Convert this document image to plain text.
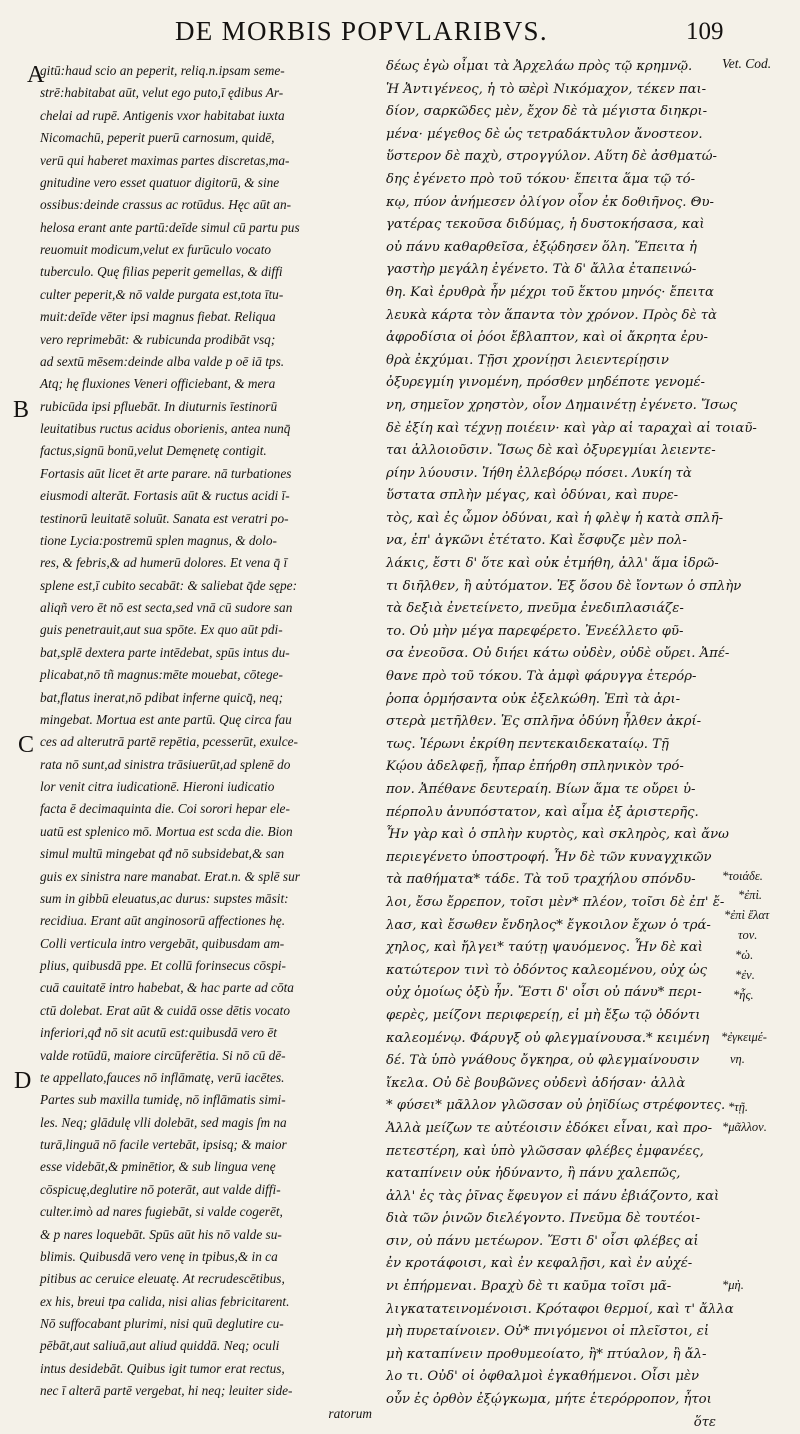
DE MORBIS POPVLARIBVS.	109
A
B
C
D
gitū:haud scio an peperit, reliq.n.ipsam seme-
strē:habitabat aūt, velut ego puto,ī ędibus Ar-
chelai ad rupē. Antigenis vxor habitabat iuxta
Nicomachū, peperit puerū carnosum, quidē,
verū qui haberet maximas partes discretas,ma-
gnitudine vero esset quatuor digitorū, & sine
ossibus:deinde crassus ac rotūdus. Hęc aūt an-
helosa erant ante partū:deīde simul cū partu pus
reuomuit modicum,velut ex furūculo vocato
tuberculo. Quę filias peperit gemellas, & diffi
culter peperit,& nō valde purgata est,tota ītu-
muit:deīde vēter ipsi magnus fiebat. Reliqua
vero reprimebāt: & rubicunda prodibāt vsq;
ad sextū mēsem:deinde alba valde p oē iā tps.
Atq; hę fluxiones Veneri officiebant, & mera
rubicūda ipsi pfluebāt. In diuturnis īestinorū
leuitatibus ructus acidus oborienis, antea nunq̄
factus,signū bonū,velut Demęnetę contigit.
Fortasis aūt licet ēt arte parare. nā turbationes
eiusmodi alterāt. Fortasis aūt & ructus acidi ī-
testinorū leuitatē soluūt. Sanata est veratri po-
tione Lycia:postremū splen magnus, & dolo-
res, & febris,& ad humerū dolores. Et vena q̄ ī
splene est,ī cubito secabāt: & saliebat q̄de sępe:
aliqñ vero ēt nō est secta,sed vnā cū sudore san
guis penetrauit,aut sua spōte. Ex quo aūt pdi-
bat,splē dextera parte intēdebat, spūs intus du-
plicabat,nō tñ magnus:mēte mouebat, cōtege-
bat,flatus inerat,nō pdibat inferne quicq̄, neq;
mingebat. Mortua est ante partū. Quę circa fau
ces ad alterutrā partē repētia, pcesserūt, exulce-
rata nō sunt,ad sinistra trāsiuerūt,ad splenē do
lor venit citra iudicationē. Hieroni iudicatio
facta ē decimaquinta die. Coi sorori hepar ele-
uatū est splenico mō. Mortua est scda die. Bion
simul multū mingebat qđ nō subsidebat,& san
guis ex sinistra nare manabat. Erat.n. & splē sur
sum in gibbū eleuatus,ac durus: supstes māsit:
recidiua. Erant aūt anginosorū affectiones hę.
Colli verticula intro vergebāt, quibusdam am-
plius, quibusdā ppe. Et collū forinsecus cōspi-
cuā cauitatē intro habebat, & hac parte ad cōta
ctū dolebat. Erat aūt & cuidā osse dētis vocato
inferiori,qđ nō sit acutū est:quibusdā vero ēt
valde rotūdū, maiore circūferētia. Si nō cū dē-
te appellato,fauces nō inflāmatę, verū iacētes.
Partes sub maxilla tumidę, nō inflāmatis simi-
les. Neq; glādulę vlli dolebāt, sed magis ſm na
turā,linguā nō facile vertebāt, ipsisq; & maior
esse videbāt,& pminētior, & sub lingua venę
cōspicuę,deglutire nō poterāt, aut valde diffi-
culter.imò ad nares fugiebāt, si valde cogerēt,
& p nares loquebāt. Spūs aūt his nō valde su-
blimis. Quibusdā vero venę in tpibus,& in ca
pitibus ac ceruice eleuatę. At recrudescētibus,
ex his, breui tpa calida, nisi alias febricitarent.
Nō suffocabant plurimi, nisi quū deglutire cu-
pēbāt,aut saliuā,aut aliud quiddā. Neq; oculi
intus desidebāt. Quibus igit tumor erat rectus,
nec ī alterā partē vergebat, hi neq; leuiter side-
ratorum
δέως ἐγὼ οἶμαι τὰ Ἀρχελάω πρὸς τῷ κρημνῷ.
Ἡ Ἀντιγένεος, ἡ τὸ ϖὲρὶ Νικόμαχον, τέκεν παι-
δίον, σαρκῶδες μὲν, ἔχον δὲ τὰ μέγιστα διηκρι-
μένα· μέγεθος δὲ ὡς τετραδάκτυλον ἄνοστεον.
ὕστερον δὲ παχὺ, στρογγύλον. Αὕτη δὲ ἀσθματώ-
δης ἐγένετο πρὸ τοῦ τόκου· ἔπειτα ἅμα τῷ τό-
κῳ, πύον ἀνήμεσεν ὀλίγον οἷον ἐκ δοθιῆνος. Θυ-
γατέρας τεκοῦσα διδύμας, ἡ δυστοκήσασα, καὶ
οὐ πάνυ καθαρθεῖσα, ἐξῴδησεν ὅλη. Ἔπειτα ἡ
γαστὴρ μεγάλη ἐγένετο. Τὰ δ' ἄλλα ἐταπεινώ-
θη. Καὶ ἐρυθρὰ ἦν μέχρι τοῦ ἕκτου μηνός· ἔπειτα
λευκὰ κάρτα τὸν ἅπαντα τὸν χρόνον. Πρὸς δὲ τὰ
ἀφροδίσια οἱ ῥόοι ἔβλαπτον, καὶ οἱ ἄκρητα ἐρυ-
θρὰ ἐκχύμαι. Τῇσι χρονίῃσι λειεντερίῃσιν
ὀξυρεγμίη γινομένη, πρόσθεν μηδέποτε γενομέ-
νη, σημεῖον χρηστὸν, οἷον Δημαινέτῃ ἐγένετο. Ἴσως
δὲ ἐξίη καὶ τέχνῃ ποιέειν· καὶ γὰρ αἱ ταραχαὶ αἱ τοιαῦ-
ται ἀλλοιοῦσιν. Ἴσως δὲ καὶ ὀξυρεγμίαι λειεντε-
ρίην λύουσιν. Ἰήθη ἐλλεβόρῳ πόσει. Λυκίη τὰ
ὕστατα σπλὴν μέγας, καὶ ὀδύναι, καὶ πυρε-
τὸς, καὶ ἐς ὦμον ὀδύναι, καὶ ἡ φλὲψ ἡ κατὰ σπλῆ-
να, ἐπ' ἀγκῶνι ἐτέτατο. Καὶ ἔσφυζε μὲν πολ-
λάκις, ἔστι δ' ὅτε καὶ οὐκ ἐτμήθη, ἀλλ' ἅμα ἱδρῶ-
τι διῆλθεν, ἢ αὐτόματον. Ἐξ ὅσου δὲ ἴοντων ὁ σπλὴν
τὰ δεξιὰ ἐνετείνετο, πνεῦμα ἐνεδιπλασιάζε-
το. Οὐ μὴν μέγα παρεφέρετο. Ἐνεέλλετο φῦ-
σα ἐνεοῦσα. Οὐ διήει κάτω οὐδὲν, οὐδὲ οὔρει. Ἀπέ-
θανε πρὸ τοῦ τόκου. Τὰ ἀμφὶ φάρυγγα ἑτερόρ-
ῥοπα ὁρμήσαντα οὐκ ἐξελκώθη. Ἐπὶ τὰ ἀρι-
στερὰ μετῆλθεν. Ἐς σπλῆνα ὀδύνη ἦλθεν ἀκρί-
τως. Ἱέρωνι ἐκρίθη πεντεκαιδεκαταίῳ. Τῇ
Κῴου ἀδελφεῇ, ἧπαρ ἐπήρθη σπληνικὸν τρό-
πον. Ἀπέθανε δευτεραίη. Βίων ἅμα τε οὔρει ὑ-
πέρπολυ ἀνυπόστατον, καὶ αἷμα ἐξ ἀριστερῆς.
Ἦν γὰρ καὶ ὁ σπλὴν κυρτὸς, καὶ σκληρὸς, καὶ ἄνω
περιεγένετο ὑποστροφή. Ἦν δὲ τῶν κυναγχικῶν
τὰ παθήματα* τάδε. Τὰ τοῦ τραχήλου σπόνδυ-
λοι, ἔσω ἔρρεπον, τοῖσι μὲν* πλέον, τοῖσι δὲ ἐπ' ἔ-
λασ, καὶ ἔσωθεν ἔνδηλος* ἔγκοιλον ἔχων ὁ τρά-
χηλος, καὶ ἤλγει* ταύτῃ ψαυόμενος. Ἦν δὲ καὶ
κατώτερον τινὶ τὸ ὀδόντος καλεομένου, οὐχ ὡς
οὐχ ὁμοίως ὀξὺ ἦν. Ἔστι δ' οἷσι οὐ πάνυ* περι-
φερὲς, μείζονι περιφερείῃ, εἰ μὴ ἔξω τῷ ὀδόντι
καλεομένῳ. Φάρυγξ οὐ φλεγμαίνουσα.* κειμένη
δέ. Τὰ ὑπὸ γνάθους ὄγκηρα, οὐ φλεγμαίνουσιν
ἴκελα. Οὐ δὲ βουβῶνες οὐδενὶ ἀδήσαν· ἀλλὰ
* φύσει* μᾶλλον γλῶσσαν οὐ ῥηϊδίως στρέφοντες.
Ἀλλὰ μείζων τε αὐτέοισιν ἐδόκει εἶναι, καὶ προ-
πετεστέρη, καὶ ὑπὸ γλῶσσαν φλέβες ἐμφανέες,
καταπίνειν οὐκ ἠδύναντο, ἢ πάνυ χαλεπῶς,
ἀλλ' ἐς τὰς ῥῖνας ἔφευγον εἰ πάνυ ἐβιάζοντο, καὶ
διὰ τῶν ῥινῶν διελέγοντο. Πνεῦμα δὲ τουτέοι-
σιν, οὐ πάνυ μετέωρον. Ἔστι δ' οἷσι φλέβες αἱ
ἐν κροτάφοισι, καὶ ἐν κεφαλῇσι, καὶ ἐν αὐχέ-
νι ἐπήρμεναι. Βραχὺ δὲ τι καῦμα τοῖσι μᾶ-
λιγκατατεινομένοισι. Κρόταφοι θερμοί, καὶ τ' ἄλλα
μὴ πυρεταίνοιεν. Οὐ* πνιγόμενοι οἱ πλεῖστοι, εἰ
μὴ καταπίνειν προθυμεοίατο, ἢ* πτύαλον, ἢ ἄλ-
λο τι. Οὐδ' οἱ ὀφθαλμοὶ ἐγκαθήμενοι. Οἷσι μὲν
οὖν ἐς ὀρθὸν ἐξῴγκωμα, μήτε ἑτερόρροπον, ἦτοι
ὅτε
Vet. Cod.
*τοιάδε.
*ἐπὶ.
*ἐπὶ ἔλατ
τον.
*ὡ.
*ἐν.
*ἧς.
*ἐγκειμέ-
νη.
*τῇ.
*μᾶλλον.
*μὴ.
